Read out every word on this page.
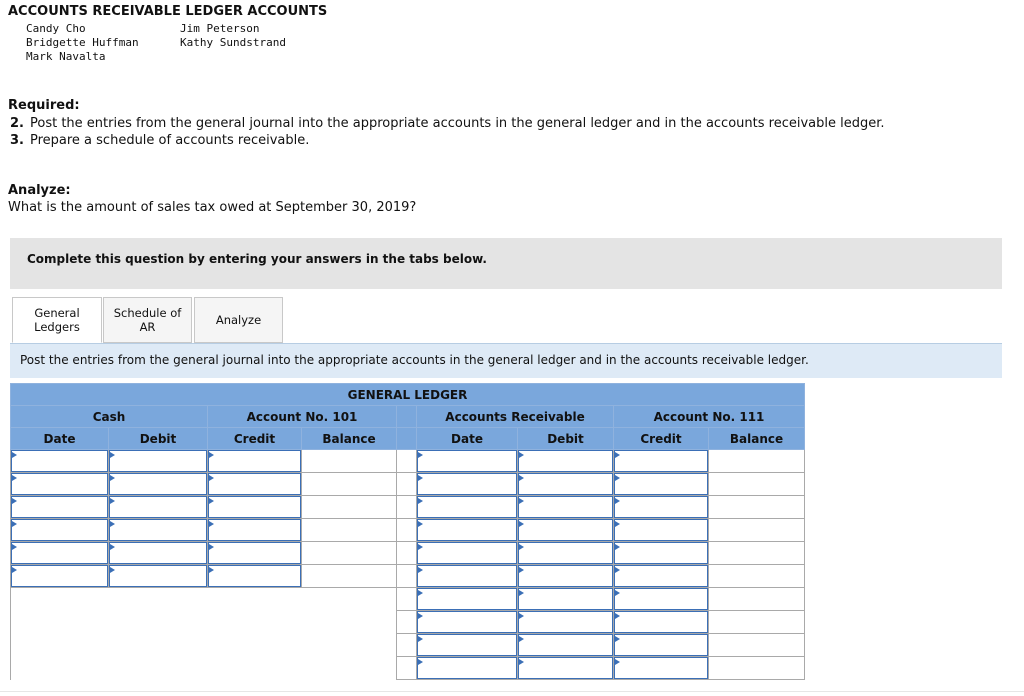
ACCOUNTS RECEIVABLE LEDGER ACCOUNTS
Candy Cho
Bridgette Huffman
Mark Navalta
Jim Peterson
Kathy Sundstrand
Required:
2. Post the entries from the general journal into the appropriate accounts in the general ledger and in the accounts receivable ledger.
3. Prepare a schedule of accounts receivable.
Analyze:
What is the amount of sales tax owed at September 30, 2019?
Complete this question by entering your answers in the tabs below.
General
Ledgers
Schedule of
AR	Analyze
Post the entries from the general journal into the appropriate accounts in the general ledger and in the accounts receivable ledger.
GENERAL LEDGER								
Cash		Account No. 101			Accounts Receivable		Account No. 111	
Date	Debit	Credit	Balance		Date	Debit	Credit	Balance
